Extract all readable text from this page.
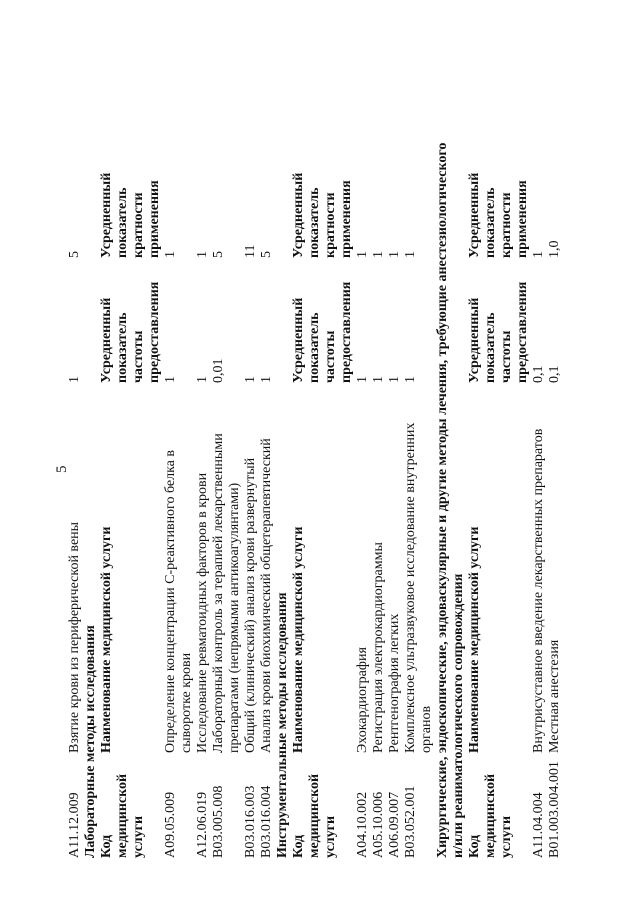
5
A11.12.009	Взятие крови из периферической вены	1	5
Лабораторные методы исследования			

Код медицинской услуги	Наименование медицинской услуги	Усредненный показатель частоты предоставления	Усредненный показатель кратности применения

A09.05.009	Определение концентрации C-реактивного белка в сыворотке крови	1	1
A12.06.019	Исследование ревматоидных факторов в крови	1	1
B03.005.008	Лабораторный контроль за терапией лекарственными препаратами (непрямыми антикоагулянтами)	0,01	5
B03.016.003	Общий (клинический) анализ крови развернутый	1	11
B03.016.004	Анализ крови биохимический общетерапевтический	1	5
Инструментальные методы исследования			

Код медицинской услуги	Наименование медицинской услуги	Усредненный показатель частоты предоставления	Усредненный показатель кратности применения

A04.10.002	Эхокардиография	1	1
A05.10.006	Регистрация электрокардиограммы	1	1
A06.09.007	Рентгенография легких	1	1
B03.052.001	Комплексное ультразвуковое исследование внутренних органов	1	1
Хирургические, эндоскопические, эндоваскулярные и другие методы лечения, требующие анестезиологического и/или реаниматологического сопровождения			

Код медицинской услуги	Наименование медицинской услуги	Усредненный показатель частоты предоставления	Усредненный показатель кратности применения

A11.04.004	Внутрисуставное введение лекарственных препаратов	0,1	1
B01.003.004.001	Местная анестезия	0,1	1,0
